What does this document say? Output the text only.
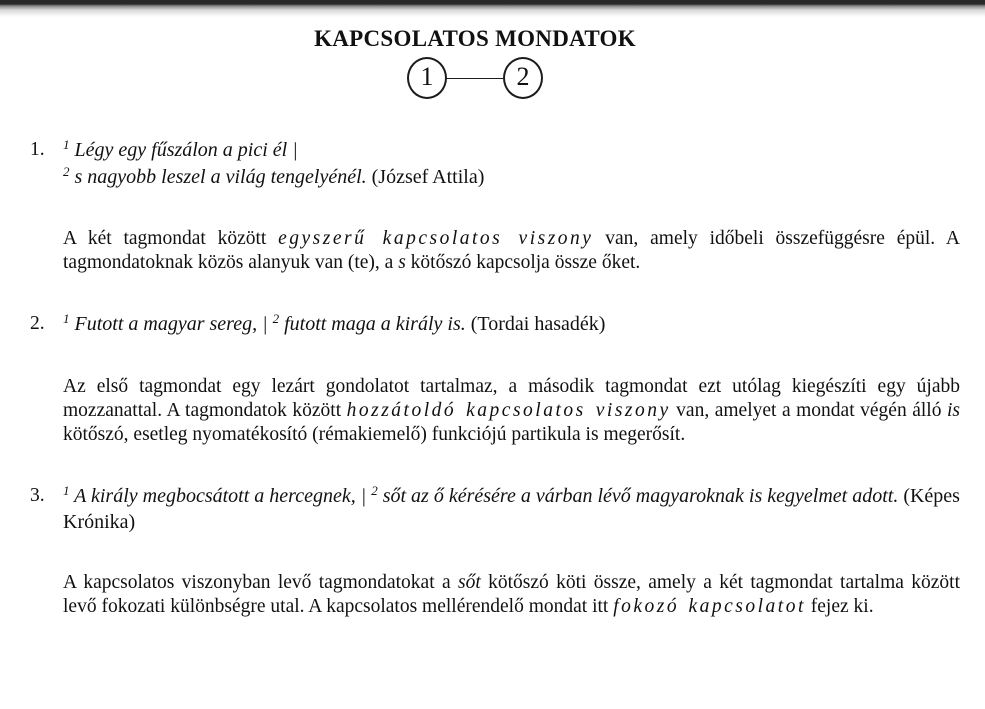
KAPCSOLATOS MONDATOK
1	2
1. $^1$ Légy egy fűszálon a pici él |
$^2$ s nagyobb leszel a világ tengelyénél. (József Attila)

A két tagmondat között egyszerű kapcsolatos viszony van, amely időbeli összefüggésre épül. A tagmondatoknak közös alanyuk van (te), a s kötőszó kapcsolja össze őket.

2. $^1$ Futott a magyar sereg, | $^2$ futott maga a király is. (Tordai hasadék)

Az első tagmondat egy lezárt gondolatot tartalmaz, a második tagmondat ezt utólag kiegészíti egy újabb mozzanattal. A tagmondatok között hozzátoldó kapcsolatos viszony van, amelyet a mondat végén álló is kötőszó, esetleg nyomatékosító (rémakiemelő) funkciójú partikula is megerősít.

3. $^1$ A király megbocsátott a hercegnek, | $^2$ sőt az ő kérésére a várban lévő magyaroknak is kegyelmet adott. (Képes Krónika)

A kapcsolatos viszonyban levő tagmondatokat a sőt kötőszó köti össze, amely a két tagmondat tartalma között levő fokozati különbségre utal. A kapcsolatos mellérendelő mondat itt fokozó kapcsolatot fejez ki.
